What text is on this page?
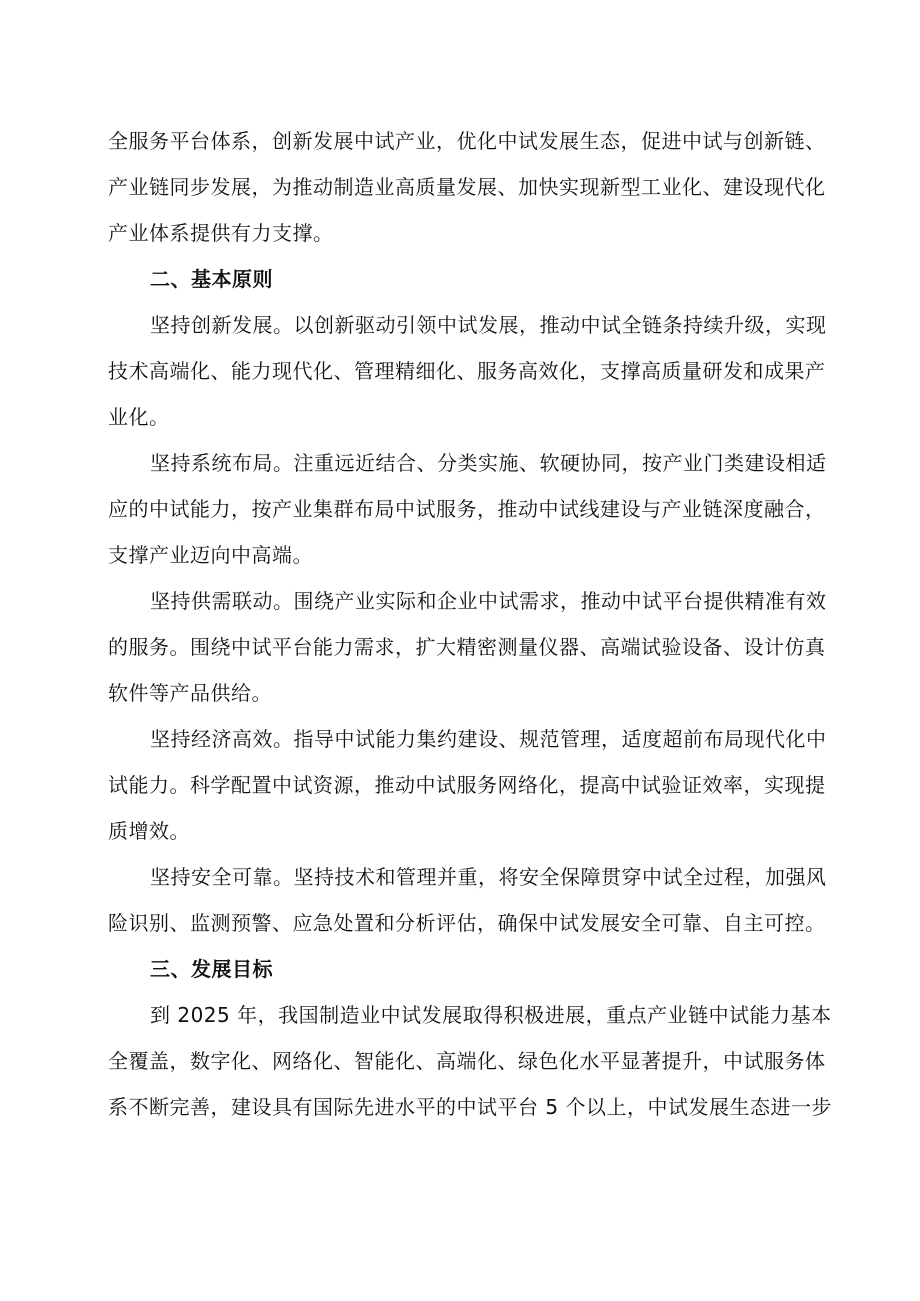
全服务平台体系，创新发展中试产业，优化中试发展生态，促进中试与创新链、
产业链同步发展，为推动制造业高质量发展、加快实现新型工业化、建设现代化
产业体系提供有力支撑。
二、基本原则
坚持创新发展。以创新驱动引领中试发展，推动中试全链条持续升级，实现
技术高端化、能力现代化、管理精细化、服务高效化，支撑高质量研发和成果产
业化。
坚持系统布局。注重远近结合、分类实施、软硬协同，按产业门类建设相适
应的中试能力，按产业集群布局中试服务，推动中试线建设与产业链深度融合，
支撑产业迈向中高端。
坚持供需联动。围绕产业实际和企业中试需求，推动中试平台提供精准有效
的服务。围绕中试平台能力需求，扩大精密测量仪器、高端试验设备、设计仿真
软件等产品供给。
坚持经济高效。指导中试能力集约建设、规范管理，适度超前布局现代化中
试能力。科学配置中试资源，推动中试服务网络化，提高中试验证效率，实现提
质增效。
坚持安全可靠。坚持技术和管理并重，将安全保障贯穿中试全过程，加强风
险识别、监测预警、应急处置和分析评估，确保中试发展安全可靠、自主可控。
三、发展目标
到 2025 年，我国制造业中试发展取得积极进展，重点产业链中试能力基本
全覆盖，数字化、网络化、智能化、高端化、绿色化水平显著提升，中试服务体
系不断完善，建设具有国际先进水平的中试平台 5 个以上，中试发展生态进一步
